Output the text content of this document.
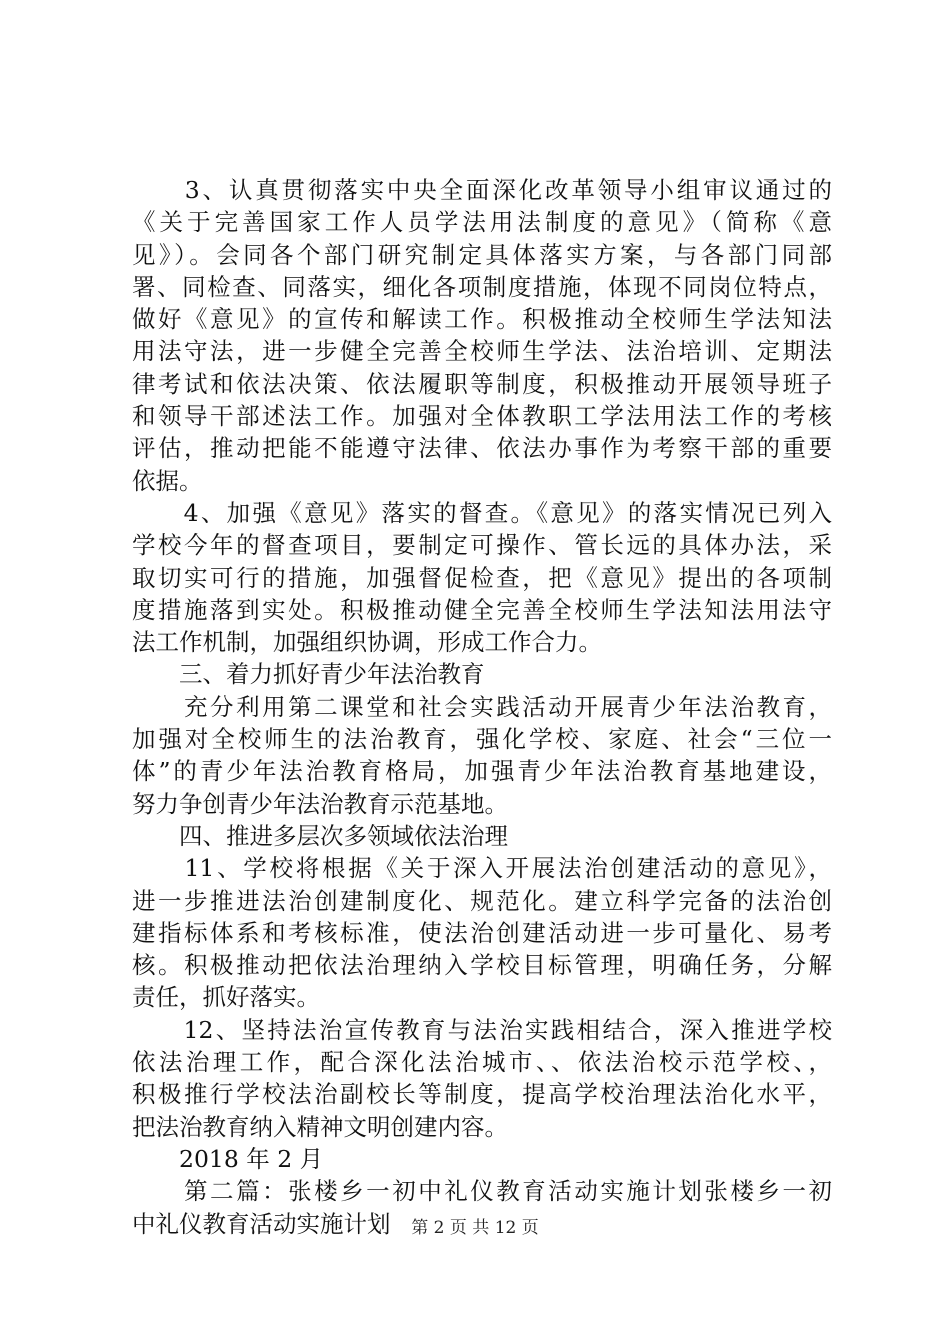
　　3、认真贯彻落实中央全面深化改革领导小组审议通过的
《关于完善国家工作人员学法用法制度的意见》（简称《意
见》）。会同各个部门研究制定具体落实方案，与各部门同部
署、同检查、同落实，细化各项制度措施，体现不同岗位特点，
做好《意见》的宣传和解读工作。积极推动全校师生学法知法
用法守法，进一步健全完善全校师生学法、法治培训、定期法
律考试和依法决策、依法履职等制度，积极推动开展领导班子
和领导干部述法工作。加强对全体教职工学法用法工作的考核
评估，推动把能不能遵守法律、依法办事作为考察干部的重要
依据。
　　4、加强《意见》落实的督查。《意见》的落实情况已列入
学校今年的督查项目，要制定可操作、管长远的具体办法，采
取切实可行的措施，加强督促检查，把《意见》提出的各项制
度措施落到实处。积极推动健全完善全校师生学法知法用法守
法工作机制，加强组织协调，形成工作合力。
　　三、着力抓好青少年法治教育
　　充分利用第二课堂和社会实践活动开展青少年法治教育，
加强对全校师生的法治教育，强化学校、家庭、社会“三位一
体”的青少年法治教育格局，加强青少年法治教育基地建设，
努力争创青少年法治教育示范基地。
　　四、推进多层次多领域依法治理
　　11、学校将根据《关于深入开展法治创建活动的意见》，
进一步推进法治创建制度化、规范化。建立科学完备的法治创
建指标体系和考核标准，使法治创建活动进一步可量化、易考
核。积极推动把依法治理纳入学校目标管理，明确任务，分解
责任，抓好落实。
　　12、坚持法治宣传教育与法治实践相结合，深入推进学校
依法治理工作，配合深化法治城市、、依法治校示范学校、，
积极推行学校法治副校长等制度，提高学校治理法治化水平，
把法治教育纳入精神文明创建内容。
　　2018 年 2 月
　　第二篇：张楼乡一初中礼仪教育活动实施计划张楼乡一初
中礼仪教育活动实施计划	第 2 页 共 12 页
